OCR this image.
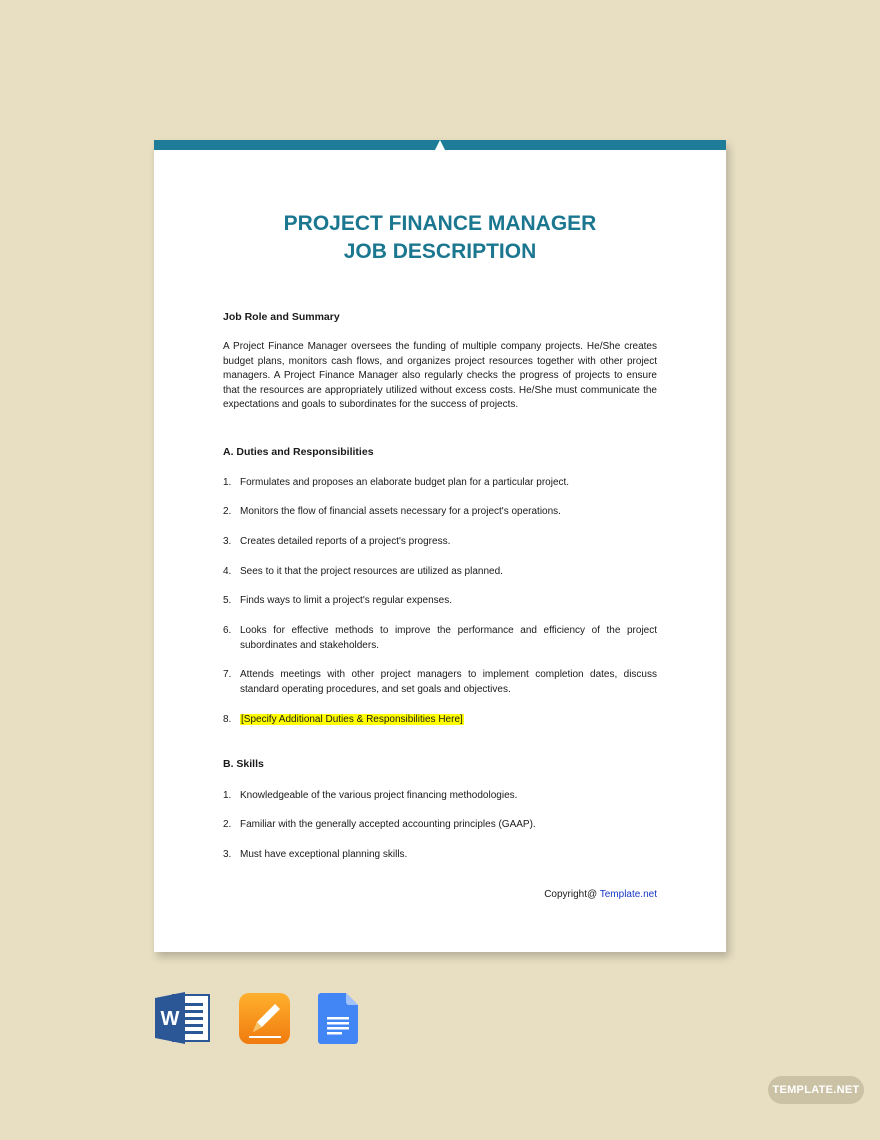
PROJECT FINANCE MANAGER
JOB DESCRIPTION
Job Role and Summary
A Project Finance Manager oversees the funding of multiple company projects. He/She creates budget plans, monitors cash flows, and organizes project resources together with other project managers. A Project Finance Manager also regularly checks the progress of projects to ensure that the resources are appropriately utilized without excess costs. He/She must communicate the expectations and goals to subordinates for the success of projects.
A. Duties and Responsibilities
1. Formulates and proposes an elaborate budget plan for a particular project.
2. Monitors the flow of financial assets necessary for a project's operations.
3. Creates detailed reports of a project's progress.
4. Sees to it that the project resources are utilized as planned.
5. Finds ways to limit a project's regular expenses.
6. Looks for effective methods to improve the performance and efficiency of the project subordinates and stakeholders.
7. Attends meetings with other project managers to implement completion dates, discuss standard operating procedures, and set goals and objectives.
8. [Specify Additional Duties & Responsibilities Here]
B. Skills
1. Knowledgeable of the various project financing methodologies.
2. Familiar with the generally accepted accounting principles (GAAP).
3. Must have exceptional planning skills.
Copyright@ Template.net
W
TEMPLATE.NET
